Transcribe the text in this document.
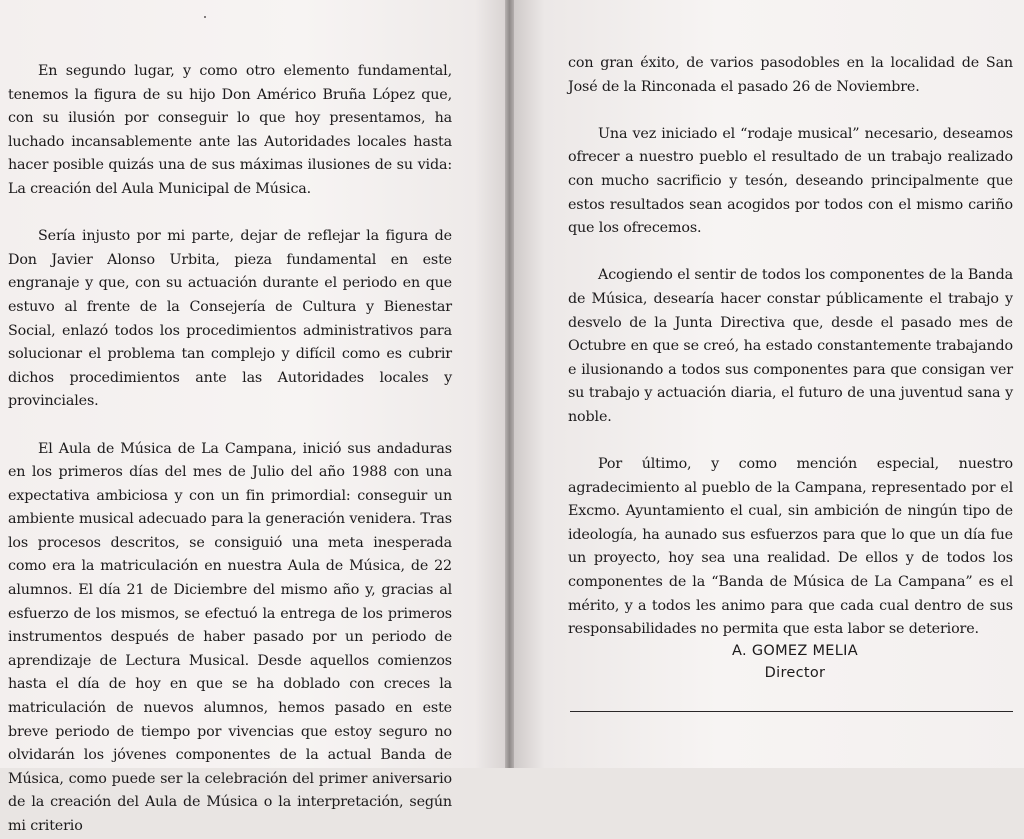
En segundo lugar, y como otro elemento fundamental, tenemos la figura de su hijo Don Américo Bruña López que, con su ilusión por conseguir lo que hoy presentamos, ha luchado incansablemente ante las Autoridades locales hasta hacer posible quizás una de sus máximas ilusiones de su vida: La creación del Aula Municipal de Música.

Sería injusto por mi parte, dejar de reflejar la figura de Don Javier Alonso Urbita, pieza fundamental en este engranaje y que, con su actuación durante el periodo en que estuvo al frente de la Consejería de Cultura y Bienestar Social, enlazó todos los procedimientos administrativos para solucionar el problema tan complejo y difícil como es cubrir dichos procedimientos ante las Autoridades locales y provinciales.

El Aula de Música de La Campana, inició sus andaduras en los primeros días del mes de Julio del año 1988 con una expectativa ambiciosa y con un fin primordial: conseguir un ambiente musical adecuado para la generación venidera. Tras los procesos descritos, se consiguió una meta inesperada como era la matriculación en nuestra Aula de Música, de 22 alumnos. El día 21 de Diciembre del mismo año y, gracias al esfuerzo de los mismos, se efectuó la entrega de los primeros instrumentos después de haber pasado por un periodo de aprendizaje de Lectura Musical. Desde aquellos comienzos hasta el día de hoy en que se ha doblado con creces la matriculación de nuevos alumnos, hemos pasado en este breve periodo de tiempo por vivencias que estoy seguro no olvidarán los jóvenes componentes de la actual Banda de Música, como puede ser la celebración del primer aniversario de la creación del Aula de Música o la interpretación, según mi criterio

con gran éxito, de varios pasodobles en la localidad de San José de la Rinconada el pasado 26 de Noviembre.

Una vez iniciado el “rodaje musical” necesario, deseamos ofrecer a nuestro pueblo el resultado de un trabajo realizado con mucho sacrificio y tesón, deseando principalmente que estos resultados sean acogidos por todos con el mismo cariño que los ofrecemos.

Acogiendo el sentir de todos los componentes de la Banda de Música, desearía hacer constar públicamente el trabajo y desvelo de la Junta Directiva que, desde el pasado mes de Octubre en que se creó, ha estado constantemente trabajando e ilusionando a todos sus componentes para que consigan ver su trabajo y actuación diaria, el futuro de una juventud sana y noble.

Por último, y como mención especial, nuestro agradecimiento al pueblo de la Campana, representado por el Excmo. Ayuntamiento el cual, sin ambición de ningún tipo de ideología, ha aunado sus esfuerzos para que lo que un día fue un proyecto, hoy sea una realidad. De ellos y de todos los componentes de la “Banda de Música de La Campana” es el mérito, y a todos les animo para que cada cual dentro de sus responsabilidades no permita que esta labor se deteriore.

A. GOMEZ MELIA
Director
